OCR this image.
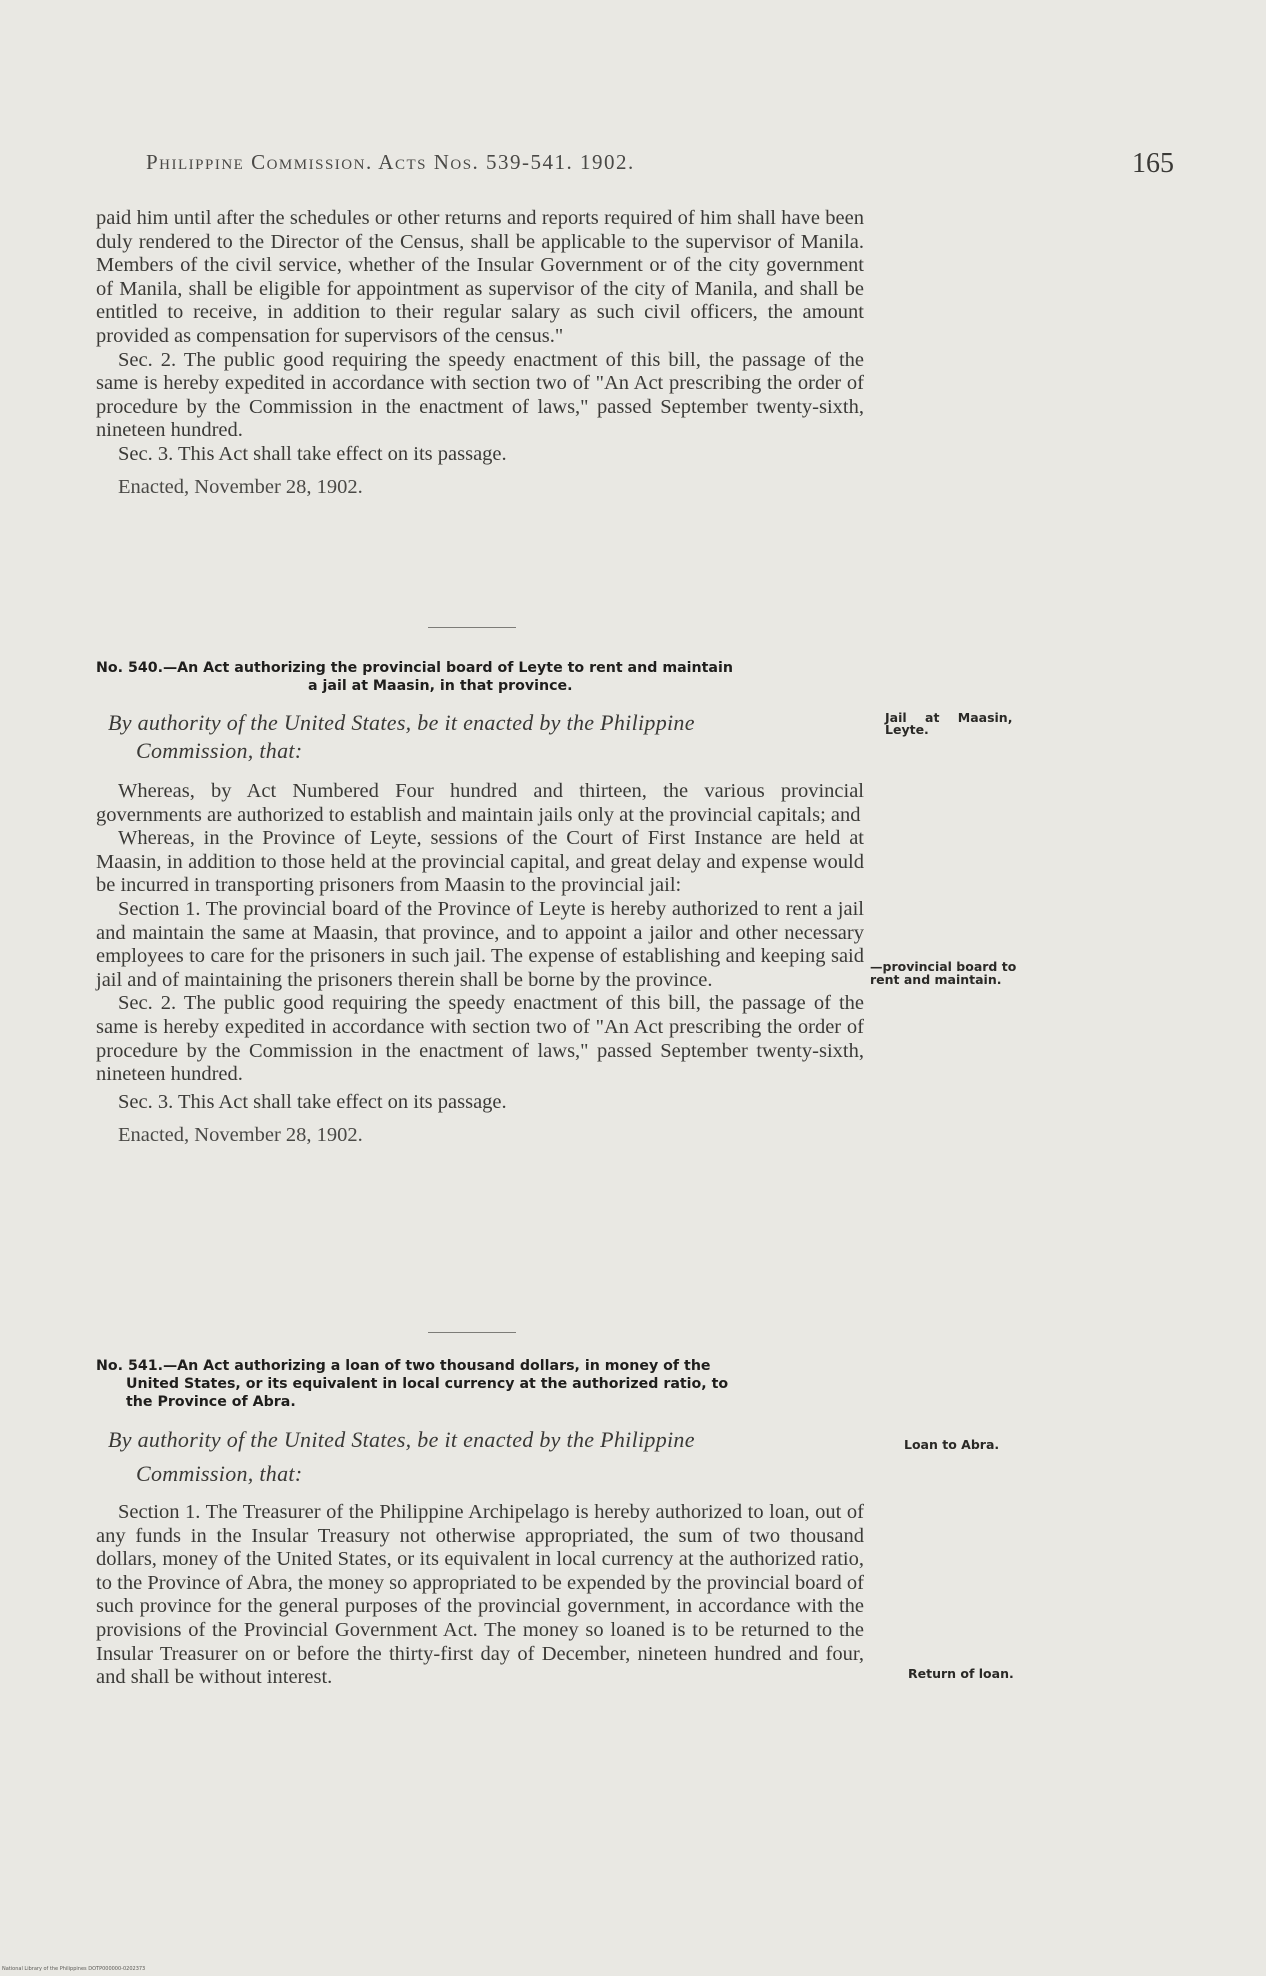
Philippine Commission. Acts Nos. 539-541. 1902.	165

paid him until after the schedules or other returns and reports required of him shall have been duly rendered to the Director of the Census, shall be applicable to the supervisor of Manila. Members of the civil service, whether of the Insular Government or of the city government of Manila, shall be eligible for appointment as supervisor of the city of Manila, and shall be entitled to receive, in addition to their regular salary as such civil officers, the amount provided as compensation for supervisors of the census."

Sec. 2. The public good requiring the speedy enactment of this bill, the passage of the same is hereby expedited in accordance with section two of "An Act prescribing the order of procedure by the Commission in the enactment of laws," passed September twenty-sixth, nineteen hundred.

Sec. 3. This Act shall take effect on its passage.

Enacted, November 28, 1902.

No. 540.—An Act authorizing the provincial board of Leyte to rent and maintain
a jail at Maasin, in that province.
By authority of the United States, be it enacted by the Philippine
Commission, that:
Jail at Maasin,
Leyte.

Whereas, by Act Numbered Four hundred and thirteen, the various provincial governments are authorized to establish and maintain jails only at the provincial capitals; and

Whereas, in the Province of Leyte, sessions of the Court of First Instance are held at Maasin, in addition to those held at the provincial capital, and great delay and expense would be incurred in transporting prisoners from Maasin to the provincial jail:

Section 1. The provincial board of the Province of Leyte is hereby authorized to rent a jail and maintain the same at Maasin, that province, and to appoint a jailor and other necessary employees to care for the prisoners in such jail. The expense of establishing and keeping said jail and of maintaining the prisoners therein shall be borne by the province.

Sec. 2. The public good requiring the speedy enactment of this bill, the passage of the same is hereby expedited in accordance with section two of "An Act prescribing the order of procedure by the Commission in the enactment of laws," passed September twenty-sixth, nineteen hundred.

Sec. 3. This Act shall take effect on its passage.

Enacted, November 28, 1902.

—provincial board to
rent and maintain.
No. 541.—An Act authorizing a loan of two thousand dollars, in money of the
United States, or its equivalent in local currency at the authorized ratio, to
the Province of Abra.
By authority of the United States, be it enacted by the Philippine
Commission, that:
Loan to Abra.

Section 1. The Treasurer of the Philippine Archipelago is hereby authorized to loan, out of any funds in the Insular Treasury not otherwise appropriated, the sum of two thousand dollars, money of the United States, or its equivalent in local currency at the authorized ratio, to the Province of Abra, the money so appropriated to be expended by the provincial board of such province for the general purposes of the provincial government, in accordance with the provisions of the Provincial Government Act. The money so loaned is to be returned to the Insular Treasurer on or before the thirty-first day of December, nineteen hundred and four, and shall be without interest.	Return of loan.
National Library of the Philippines DOTP000000-0202373
